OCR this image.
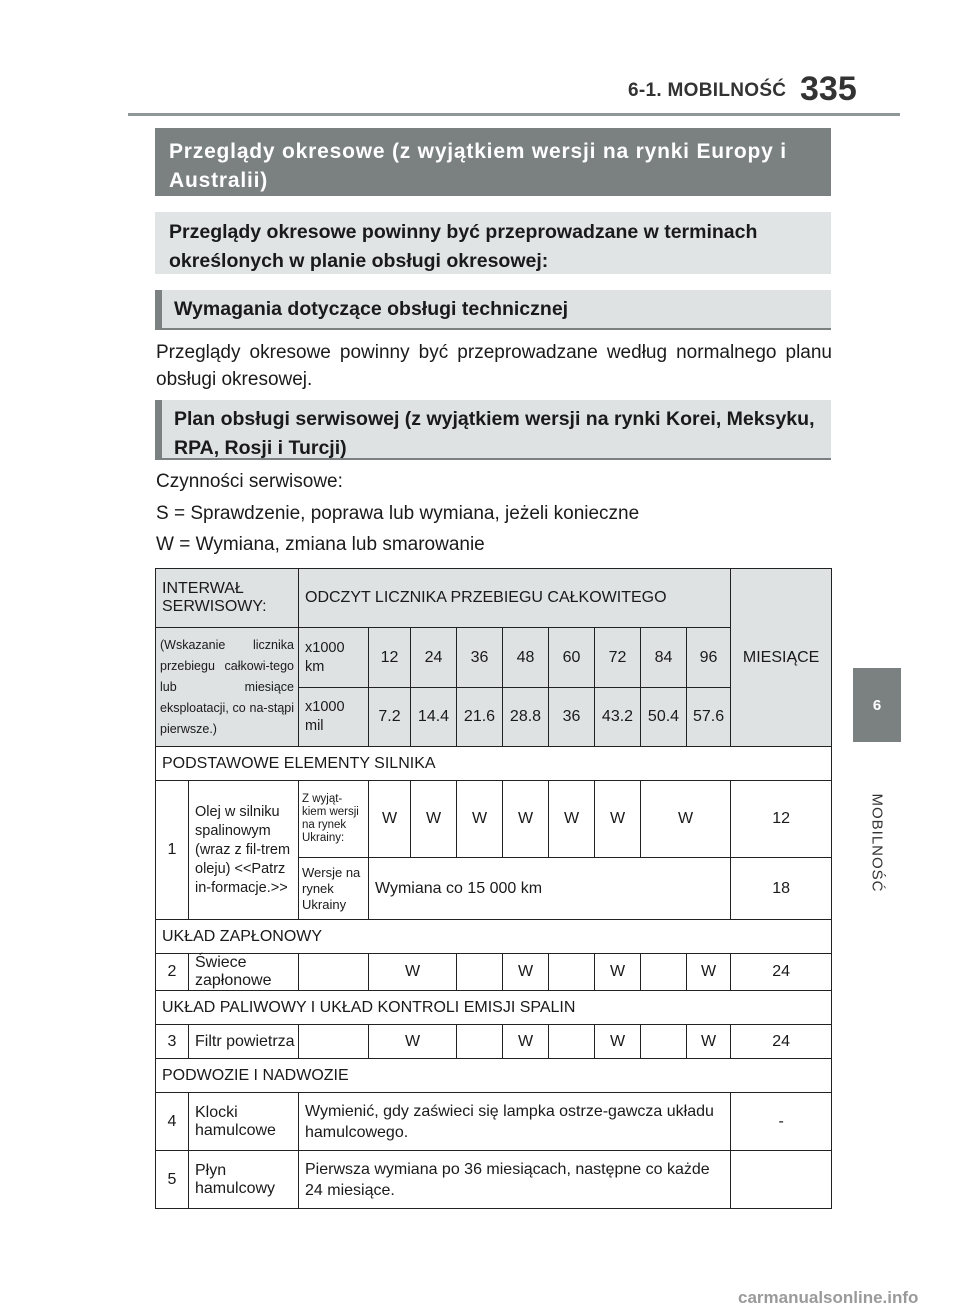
6-1. MOBILNOŚĆ 335
6
MOBILNOŚĆ
Przeglądy okresowe (z wyjątkiem wersji na rynki Europy i Australii)
Przeglądy okresowe powinny być przeprowadzane w terminach określonych w planie obsługi okresowej:
Wymagania dotyczące obsługi technicznej
Przeglądy okresowe powinny być przeprowadzane według normalnego planu obsługi okresowej.
Plan obsługi serwisowej (z wyjątkiem wersji na rynki Korei, Meksyku, RPA, Rosji i Turcji)
Czynności serwisowe:
S = Sprawdzenie, poprawa lub wymiana, jeżeli konieczne
W = Wymiana, zmiana lub smarowanie
INTERWAŁ SERWISOWY:		ODCZYT LICZNIKA PRZEBIEGU CAŁKOWITEGO									MIESIĄCE
(Wskazanie licznika przebiegu całkowi-tego lub miesiące eksploatacji, co na-stąpi pierwsze.)		x1000 km	12	24	36	48	60	72	84	96	
		x1000 mil	7.2	14.4	21.6	28.8	36	43.2	50.4	57.6	
PODSTAWOWE ELEMENTY SILNIKA											
1	Olej w silniku spalinowym (wraz z fil-trem oleju) <<Patrz in-formacje.>>	Z wyjąt-kiem wersji na rynek Ukrainy:	W	W	W	W	W	W	W		12
		Wersje na rynek Ukrainy	Wymiana co 15 000 km								18
UKŁAD ZAPŁONOWY											
2	Świece zapłonowe		W			W		W		W	24
UKŁAD PALIWOWY I UKŁAD KONTROLI EMISJI SPALIN											
3	Filtr powietrza		W			W		W		W	24
PODWOZIE I NADWOZIE											
4	Klocki hamulcowe	Wymienić, gdy zaświeci się lampka ostrze-gawcza układu hamulcowego.									-
5	Płyn hamulcowy	Pierwsza wymiana po 36 miesiącach, następne co każde 24 miesiące.									
carmanualsonline.info
